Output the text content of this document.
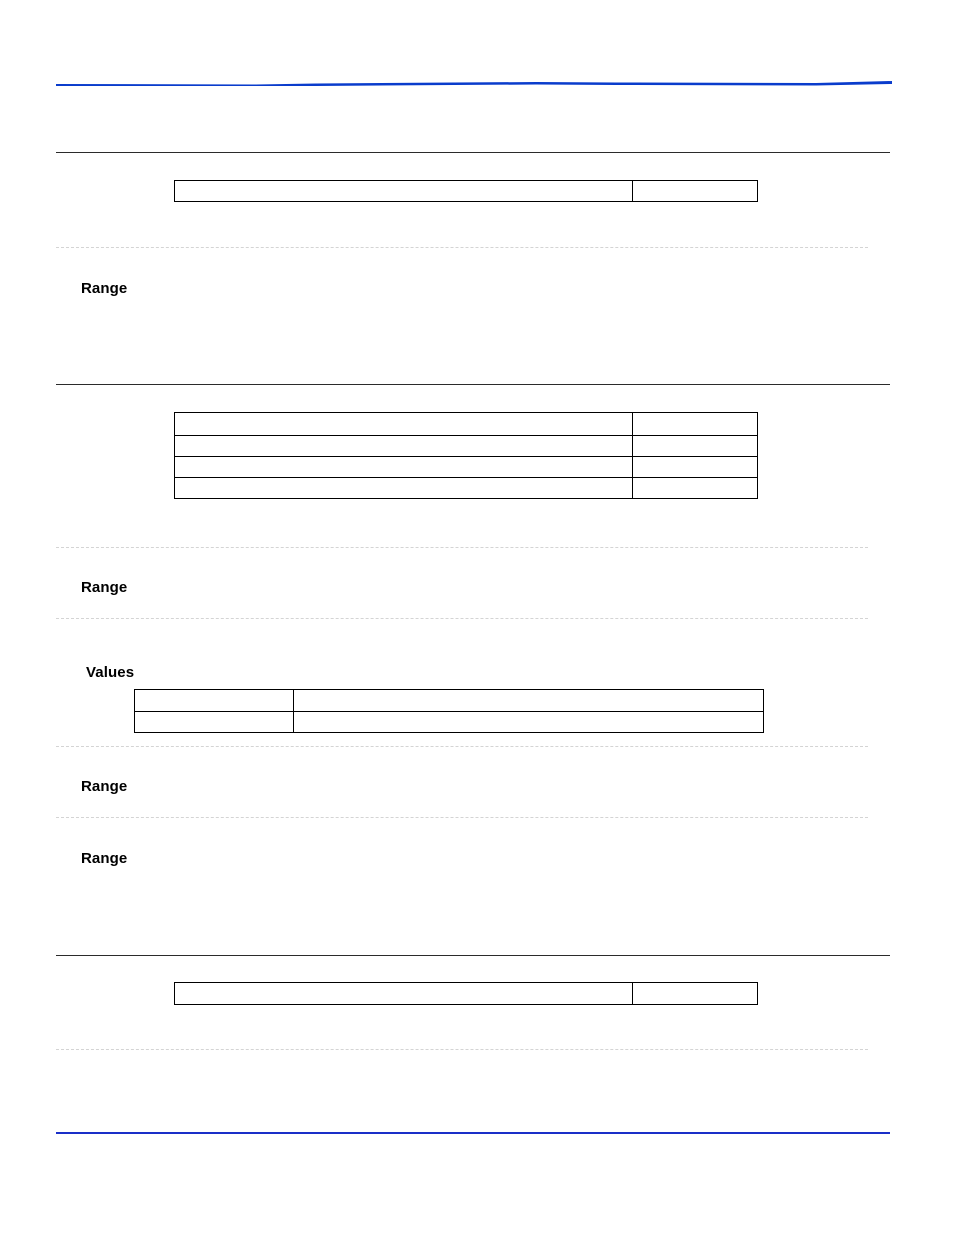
Range

Range
Values

Range
Range
